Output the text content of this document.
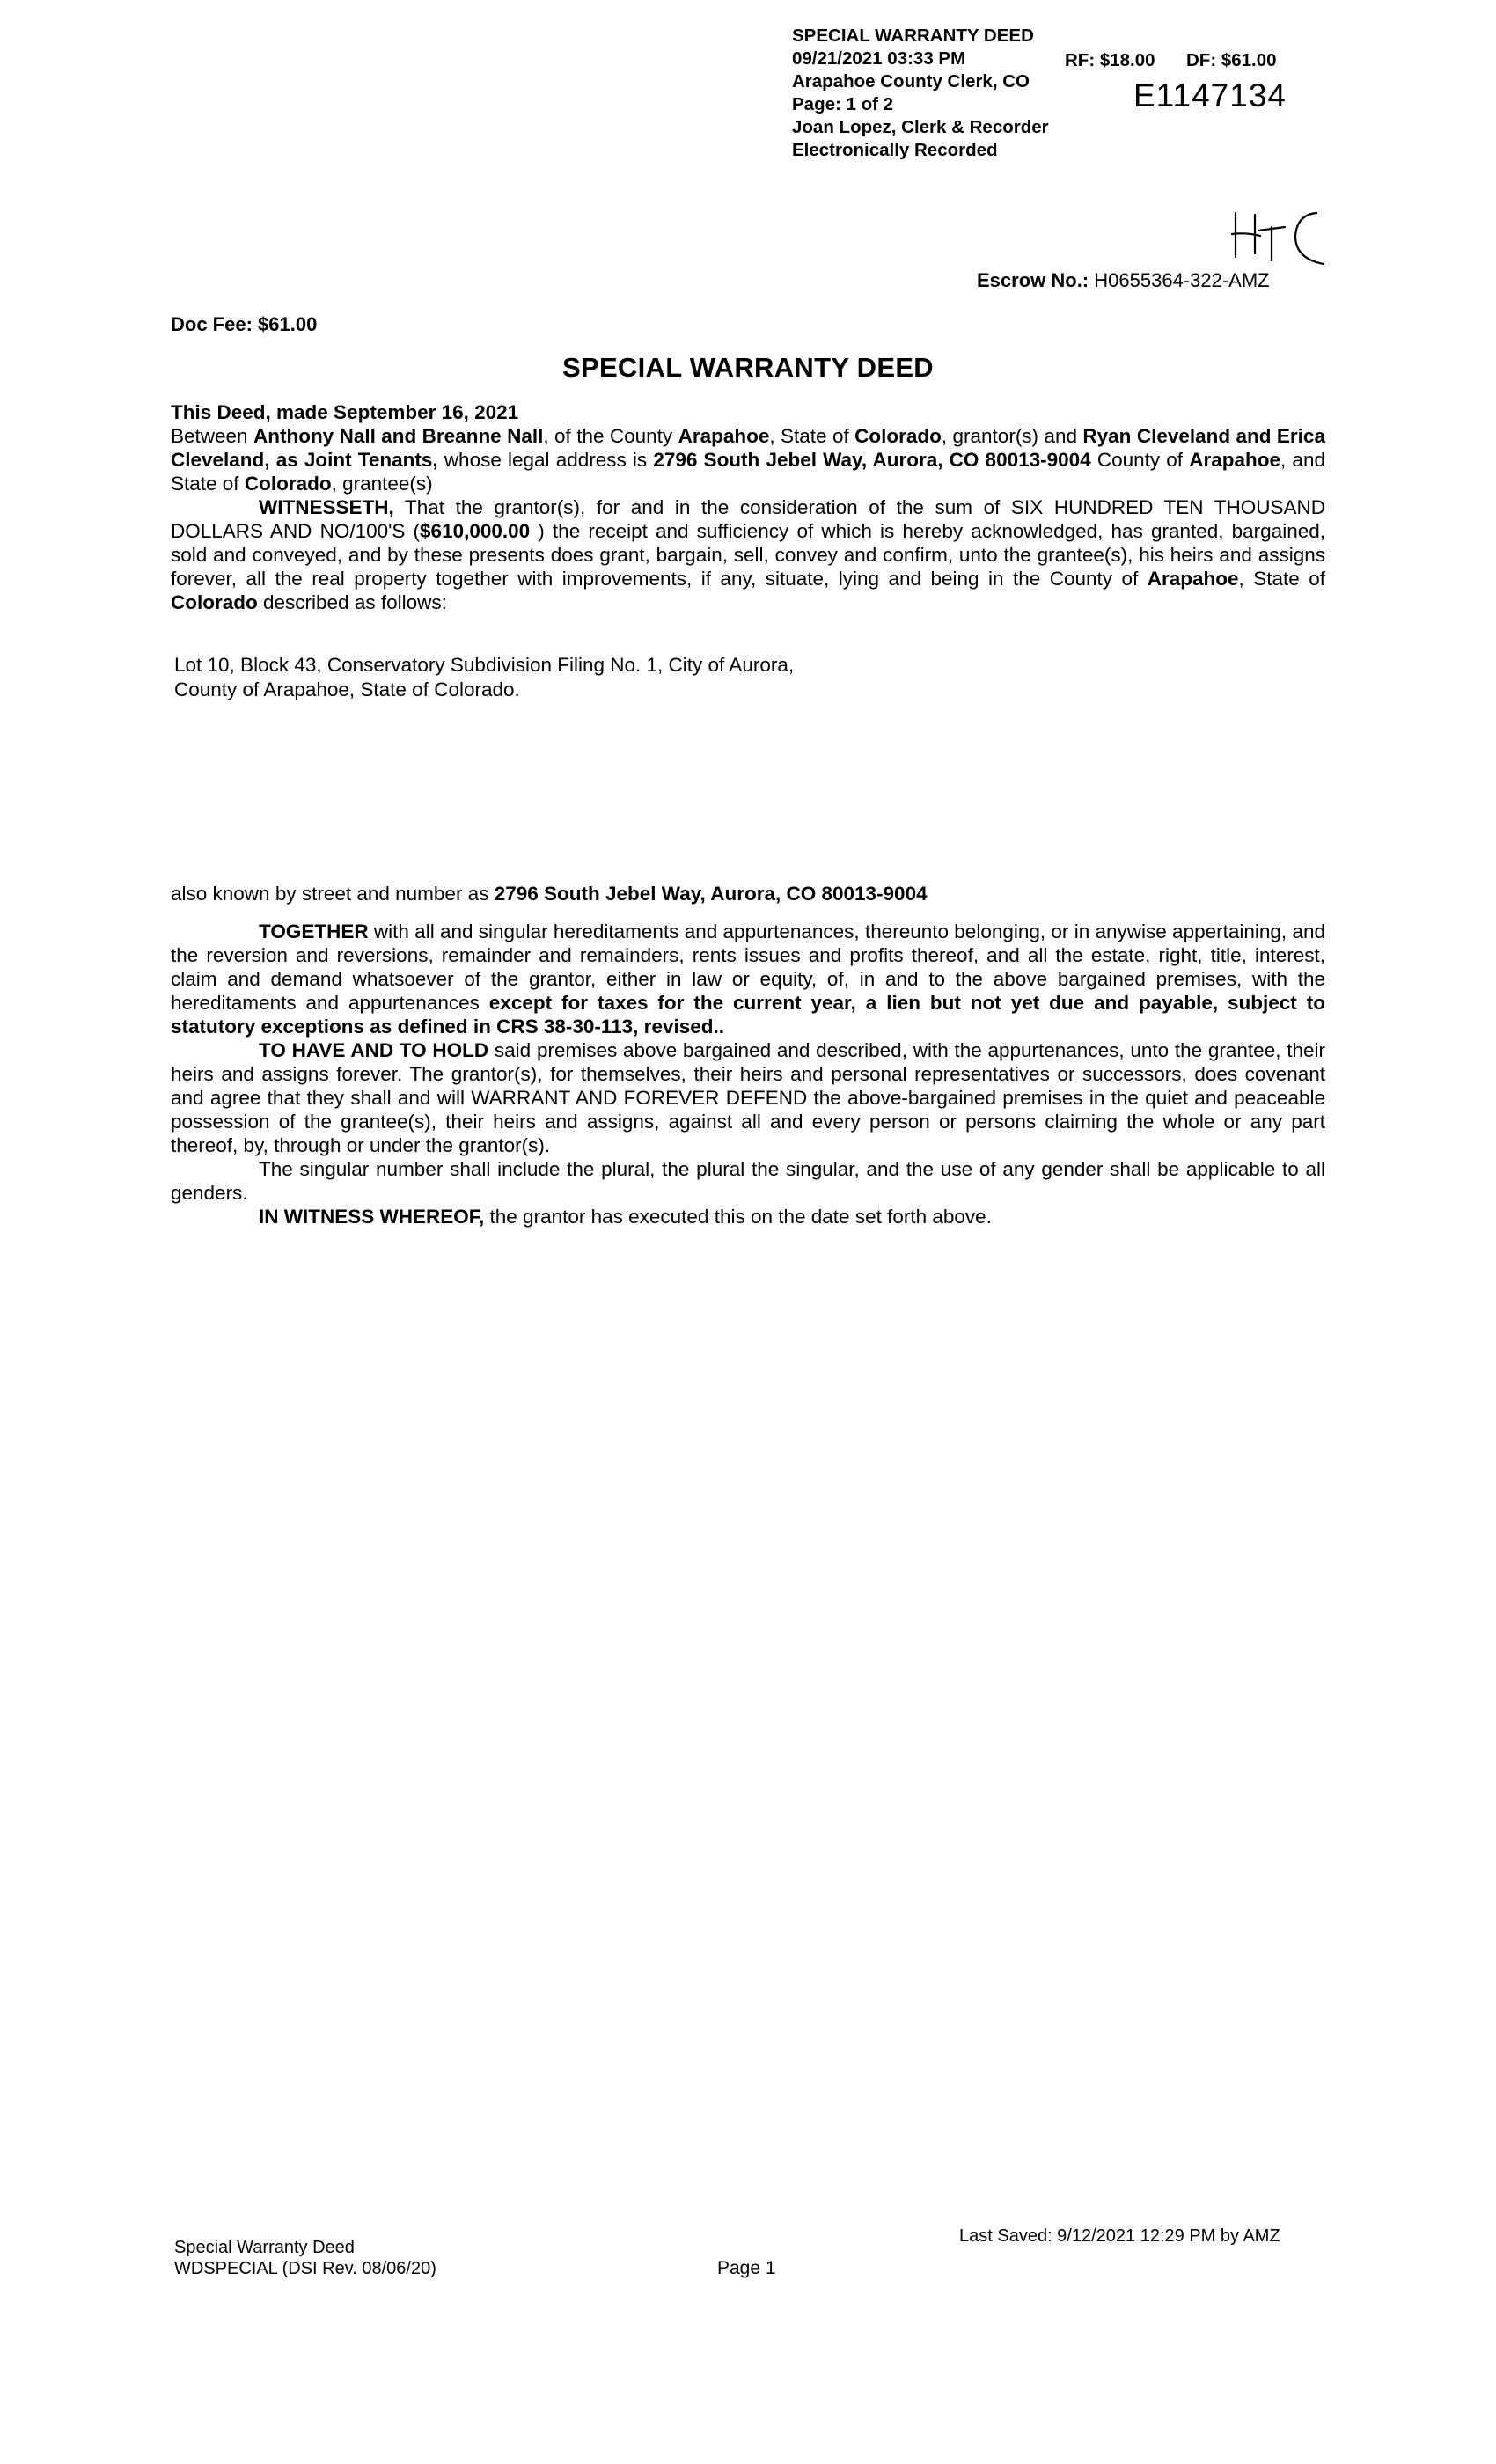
SPECIAL WARRANTY DEED
09/21/2021 03:33 PM
Arapahoe County Clerk, CO
Page: 1 of 2
Joan Lopez, Clerk & Recorder
Electronically Recorded
RF: $18.00 DF: $61.00
E1147134
Escrow No.: H0655364-322-AMZ
Doc Fee: $61.00
SPECIAL WARRANTY DEED
This Deed, made September 16, 2021

Between Anthony Nall and Breanne Nall, of the County Arapahoe, State of Colorado, grantor(s) and Ryan Cleveland and Erica Cleveland, as Joint Tenants, whose legal address is 2796 South Jebel Way, Aurora, CO 80013-9004 County of Arapahoe, and State of Colorado, grantee(s)

WITNESSETH, That the grantor(s), for and in the consideration of the sum of SIX HUNDRED TEN THOUSAND DOLLARS AND NO/100'S ($610,000.00 ) the receipt and sufficiency of which is hereby acknowledged, has granted, bargained, sold and conveyed, and by these presents does grant, bargain, sell, convey and confirm, unto the grantee(s), his heirs and assigns forever, all the real property together with improvements, if any, situate, lying and being in the County of Arapahoe, State of Colorado described as follows:

Lot 10, Block 43, Conservatory Subdivision Filing No. 1, City of Aurora,
County of Arapahoe, State of Colorado.
also known by street and number as 2796 South Jebel Way, Aurora, CO 80013-9004

TOGETHER with all and singular hereditaments and appurtenances, thereunto belonging, or in anywise appertaining, and the reversion and reversions, remainder and remainders, rents issues and profits thereof, and all the estate, right, title, interest, claim and demand whatsoever of the grantor, either in law or equity, of, in and to the above bargained premises, with the hereditaments and appurtenances except for taxes for the current year, a lien but not yet due and payable, subject to statutory exceptions as defined in CRS 38-30-113, revised..

TO HAVE AND TO HOLD said premises above bargained and described, with the appurtenances, unto the grantee, their heirs and assigns forever. The grantor(s), for themselves, their heirs and personal representatives or successors, does covenant and agree that they shall and will WARRANT AND FOREVER DEFEND the above-bargained premises in the quiet and peaceable possession of the grantee(s), their heirs and assigns, against all and every person or persons claiming the whole or any part thereof, by, through or under the grantor(s).

The singular number shall include the plural, the plural the singular, and the use of any gender shall be applicable to all genders.

IN WITNESS WHEREOF, the grantor has executed this on the date set forth above.

Special Warranty Deed
WDSPECIAL (DSI Rev. 08/06/20)	Page 1
Last Saved: 9/12/2021 12:29 PM by AMZ
